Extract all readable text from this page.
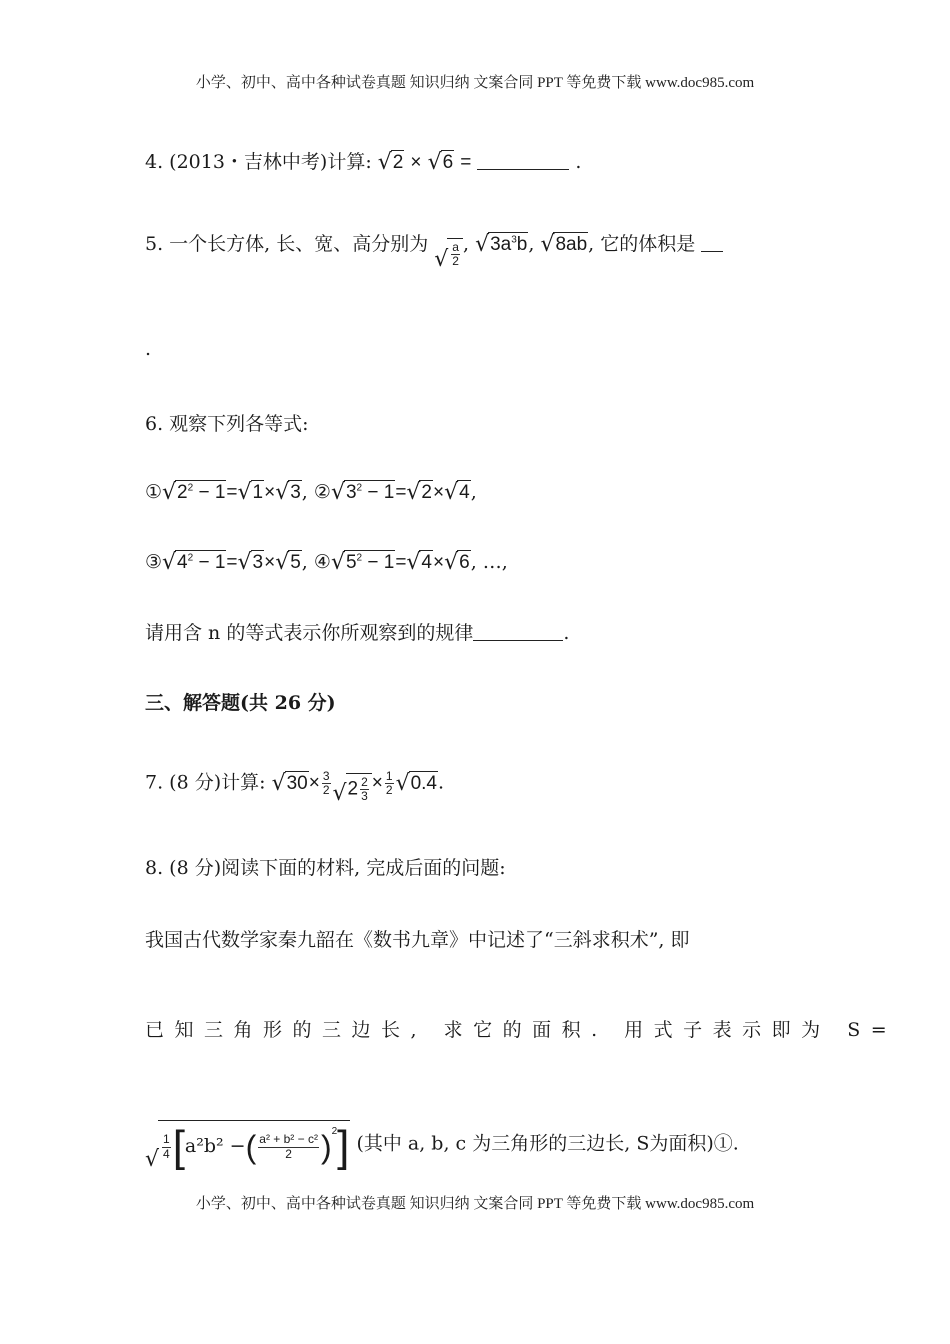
小学、初中、高中各种试卷真题 知识归纳 文案合同 PPT 等免费下载 www.doc985.com
4. (2013・吉林中考)计算: √ 2 × √ 6 =	.
5. 一个长方体, 长、宽、高分别为 √ $\frac{a}{2}$ , √ $3a^3b$, √ 8ab, 它的体积是
.
6. 观察下列各等式:
① √ $2^2 - 1=$ √ 1× √ 3, ② √ $3^2 - 1=$ √ 2× √ 4,
③ √ $4^2 - 1=$ √ 3× √ 5, ④ √ $5^2 - 1=$ √ 4× √ 6, …,
请用含 n 的等式表示你所观察到的规律	.
三、解答题(共 26 分)
7. (8 分)计算: √ $30\times \frac{3}{2}$ √ $2 \frac{2}{3} \times \frac{1}{2}$ √ 0.4.
8. (8 分)阅读下面的材料, 完成后面的问题:
我国古代数学家秦九韶在《数书九章》中记述了“三斜求积术”, 即
已知三角形的三边长, 求它的面积. 用式子表示即为 S=
√ $\frac{1}{4} [a^2b^2$ −( $\frac{\text{a² + b² − c²}}{2} )^2$] (其中 a, b, c 为三角形的三边长, S为面积)①.
小学、初中、高中各种试卷真题 知识归纳 文案合同 PPT 等免费下载 www.doc985.com
